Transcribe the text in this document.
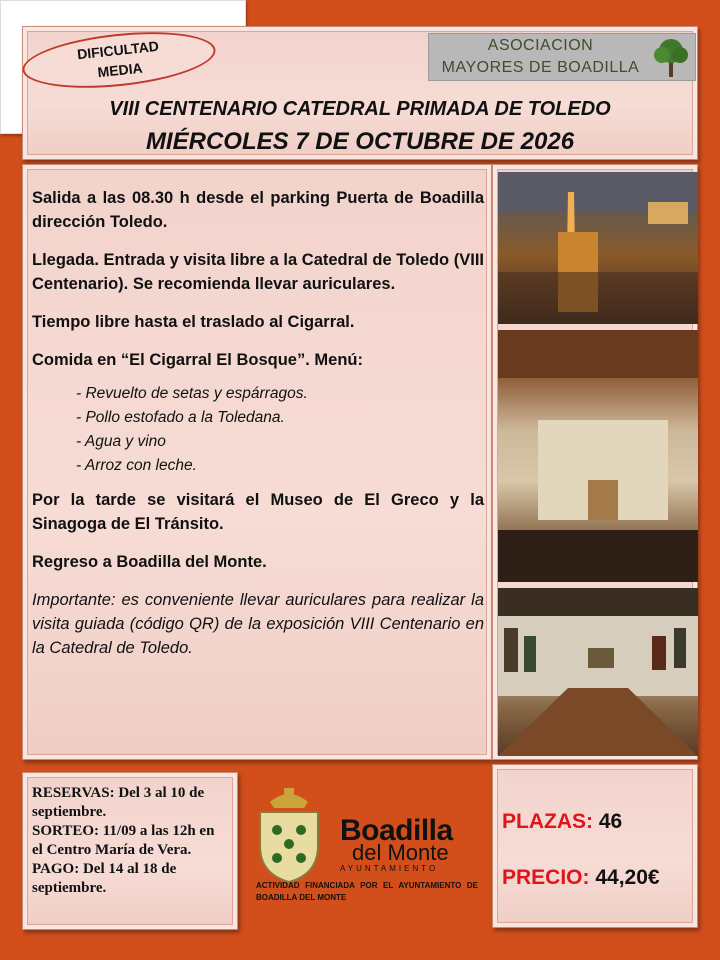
DIFICULTAD
MEDIA
ASOCIACION
MAYORES DE BOADILLA
VIII CENTENARIO CATEDRAL PRIMADA DE TOLEDO
MIÉRCOLES 7 DE OCTUBRE DE 2026

Salida a las 08.30 h desde el parking Puerta de Boadilla dirección Toledo.

Llegada. Entrada y visita libre a la Catedral de Toledo (VIII Centenario). Se recomienda llevar auriculares.

Tiempo libre hasta el traslado al Cigarral.

Comida en “El Cigarral El Bosque”. Menú:

- Revuelto de setas y espárragos.
- Pollo estofado a la Toledana.
- Agua y vino
- Arroz con leche.

Por la tarde se visitará el Museo de El Greco y la Sinagoga de El Tránsito.

Regreso a Boadilla del Monte.

Importante: es conveniente llevar auriculares para realizar la visita guiada (código QR) de la exposición VIII Centenario en la Catedral de Toledo.

RESERVAS: Del 3 al 10 de septiembre.

SORTEO: 11/09 a las 12h en el Centro María de Vera.

PAGO: Del 14 al 18 de septiembre.

Boadilla
del Monte
AYUNTAMIENTO
ACTIVIDAD FINANCIADA POR EL AYUNTAMIENTO DE BOADILLA DEL MONTE
PLAZAS: 46
PRECIO: 44,20€
